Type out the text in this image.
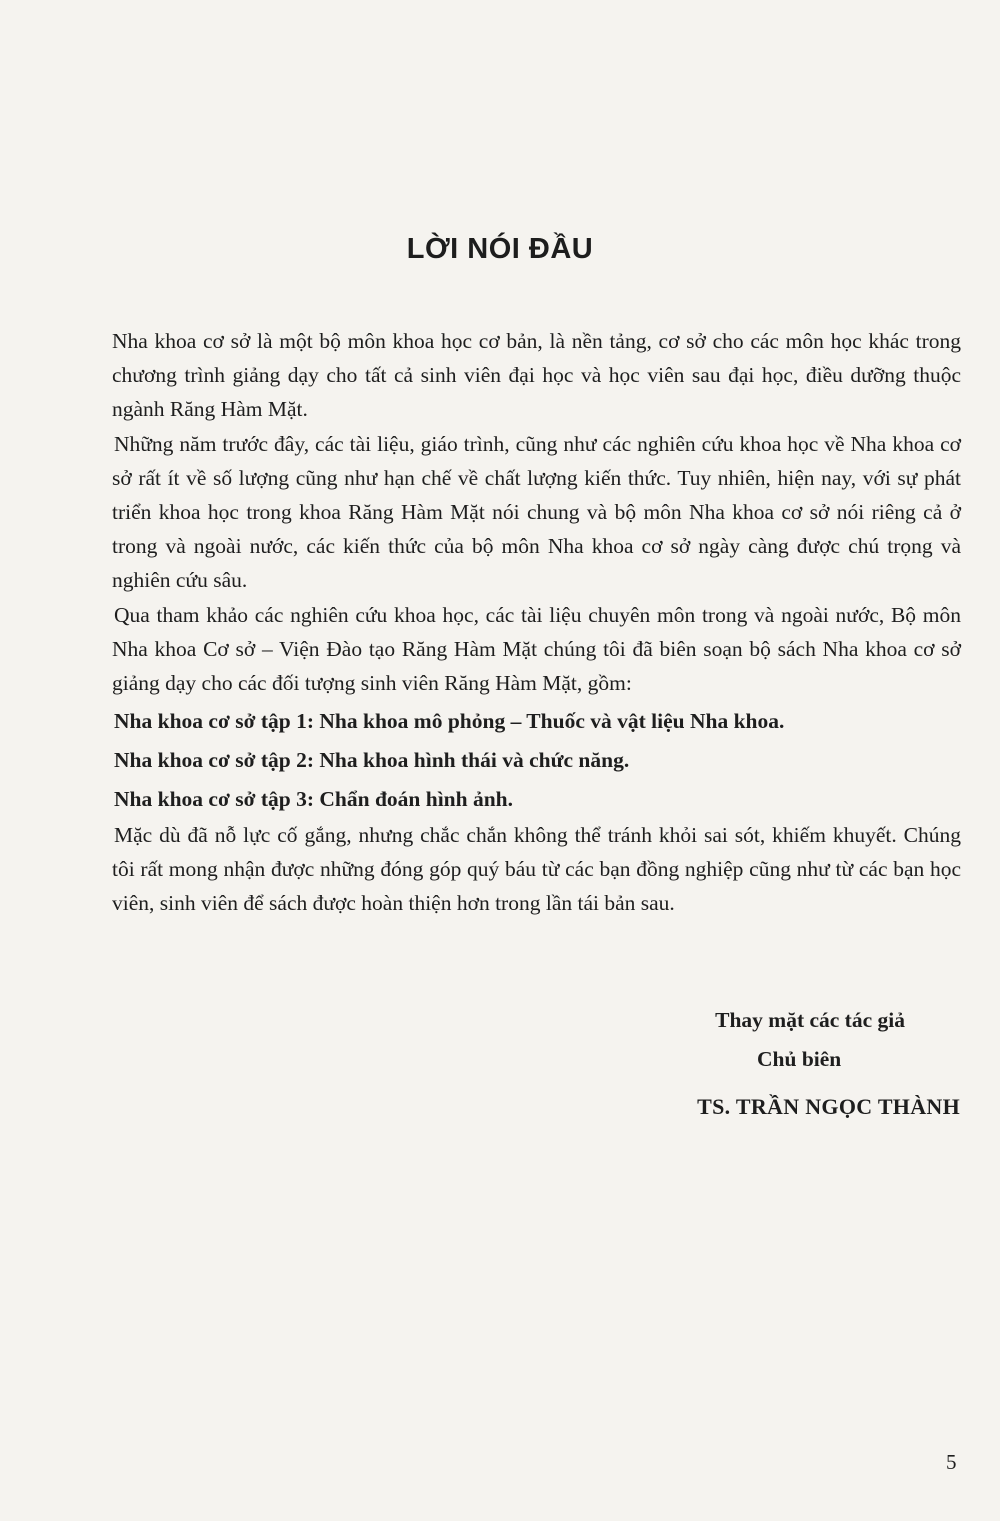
LỜI NÓI ĐẦU

Nha khoa cơ sở là một bộ môn khoa học cơ bản, là nền tảng, cơ sở cho các môn học khác trong chương trình giảng dạy cho tất cả sinh viên đại học và học viên sau đại học, điều dưỡng thuộc ngành Răng Hàm Mặt.

Những năm trước đây, các tài liệu, giáo trình, cũng như các nghiên cứu khoa học về Nha khoa cơ sở rất ít về số lượng cũng như hạn chế về chất lượng kiến thức. Tuy nhiên, hiện nay, với sự phát triển khoa học trong khoa Răng Hàm Mặt nói chung và bộ môn Nha khoa cơ sở nói riêng cả ở trong và ngoài nước, các kiến thức của bộ môn Nha khoa cơ sở ngày càng được chú trọng và nghiên cứu sâu.

Qua tham khảo các nghiên cứu khoa học, các tài liệu chuyên môn trong và ngoài nước, Bộ môn Nha khoa Cơ sở – Viện Đào tạo Răng Hàm Mặt chúng tôi đã biên soạn bộ sách Nha khoa cơ sở giảng dạy cho các đối tượng sinh viên Răng Hàm Mặt, gồm:

Nha khoa cơ sở tập 1: Nha khoa mô phỏng – Thuốc và vật liệu Nha khoa.

Nha khoa cơ sở tập 2: Nha khoa hình thái và chức năng.

Nha khoa cơ sở tập 3: Chẩn đoán hình ảnh.

Mặc dù đã nỗ lực cố gắng, nhưng chắc chắn không thể tránh khỏi sai sót, khiếm khuyết. Chúng tôi rất mong nhận được những đóng góp quý báu từ các bạn đồng nghiệp cũng như từ các bạn học viên, sinh viên để sách được hoàn thiện hơn trong lần tái bản sau.

Thay mặt các tác giả
Chủ biên
TS. TRẦN NGỌC THÀNH
5
